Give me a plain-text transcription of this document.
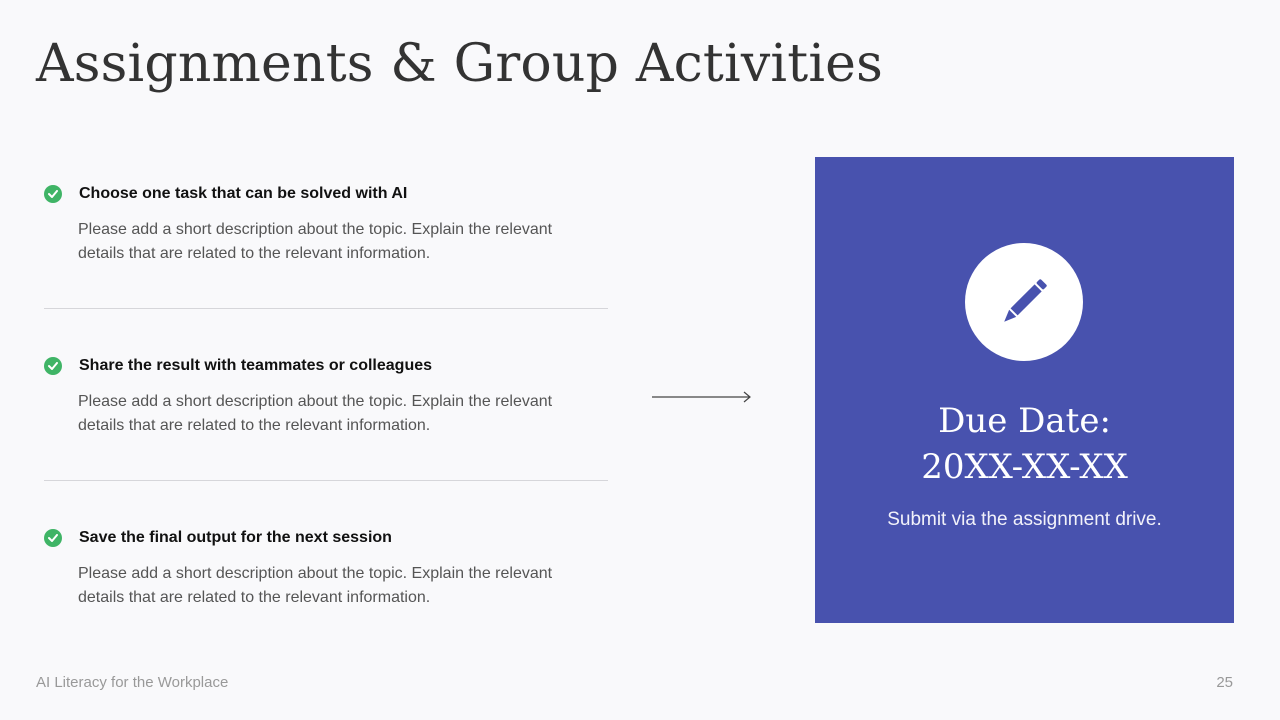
Assignments & Group Activities
Choose one task that can be solved with AI

Please add a short description about the topic. Explain the relevant details that are related to the relevant information.

Share the result with teammates or colleagues

Please add a short description about the topic. Explain the relevant details that are related to the relevant information.

Save the final output for the next session

Please add a short description about the topic. Explain the relevant details that are related to the relevant information.

Due Date:
20XX-XX-XX
Submit via the assignment drive.
AI Literacy for the Workplace	25
